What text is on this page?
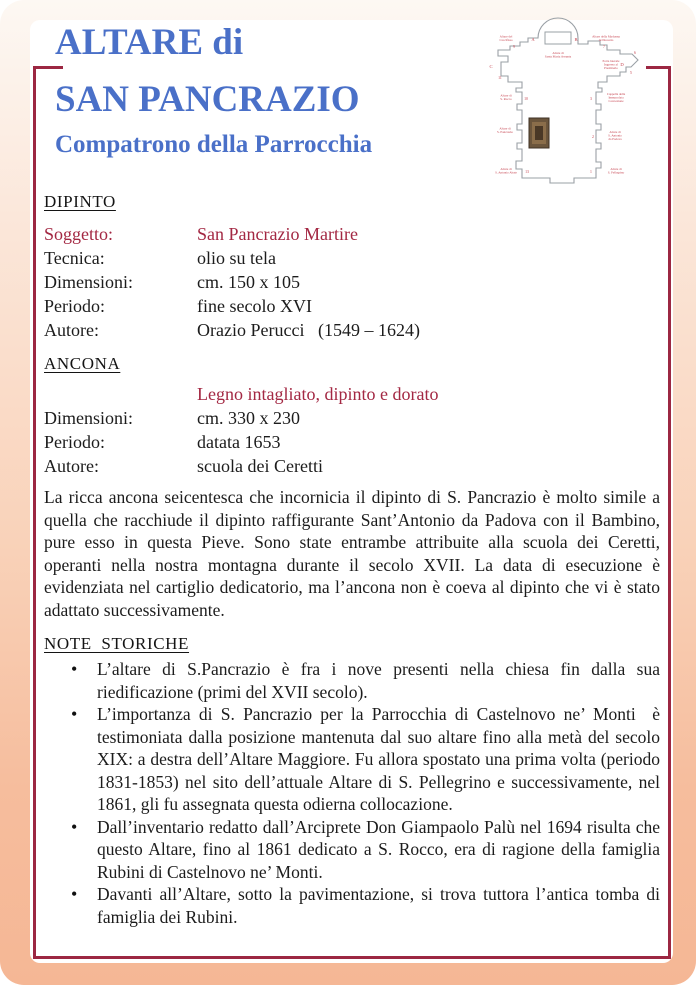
ALTARE di
SAN PANCRAZIO
Compatrono della Parrocchia
A	B
C	D
Altare del
Crocifisso
9
Altare della Madonna
del Rosario
7
Altare di
Santa Maria Assunta
6
Porta laterale
Ingresso al
Presbiterio
5
11
Altare di
S. Rocco	10	3
Cappella della
Immacolata
Concezione
Altare di
S. Pancrazio
2
Altare di
S. Antonio
da Padova
Altare di
S. Antonio Abate 13	1
Altare di
S. Pellegrino
DIPINTO
Soggetto:	San Pancrazio Martire
Tecnica:	olio su tela
Dimensioni:	cm. 150 x 105
Periodo:	fine secolo XVI
Autore:	Orazio Perucci   (1549 – 1624)
ANCONA
Legno intagliato, dipinto e dorato
Dimensioni:	cm. 330 x 230
Periodo:	datata 1653
Autore:	scuola dei Ceretti
La ricca ancona seicentesca che incornicia il dipinto di S. Pancrazio è molto simile a quella che racchiude il dipinto raffigurante Sant’Antonio da Padova con il Bambino, pure esso in questa Pieve. Sono state entrambe attribuite alla scuola dei Ceretti, operanti nella nostra montagna durante il secolo XVII. La data di esecuzione è evidenziata nel cartiglio dedicatorio, ma l’ancona non è coeva al dipinto che vi è stato adattato successivamente.
NOTE  STORICHE
• L’altare di S.Pancrazio è fra i nove presenti nella chiesa fin dalla sua riedificazione (primi del XVII secolo).
• L’importanza di S. Pancrazio per la Parrocchia di Castelnovo ne’ Monti  è testimoniata dalla posizione mantenuta dal suo altare fino alla metà del secolo XIX: a destra dell’Altare Maggiore. Fu allora spostato una prima volta (periodo 1831-1853) nel sito dell’attuale Altare di S. Pellegrino e successivamente, nel 1861, gli fu assegnata questa odierna collocazione.
• Dall’inventario redatto dall’Arciprete Don Giampaolo Palù nel 1694 risulta che questo Altare, fino al 1861 dedicato a S. Rocco, era di ragione della famiglia Rubini di Castelnovo ne’ Monti.
• Davanti all’Altare, sotto la pavimentazione, si trova tuttora l’antica tomba di famiglia dei Rubini.
